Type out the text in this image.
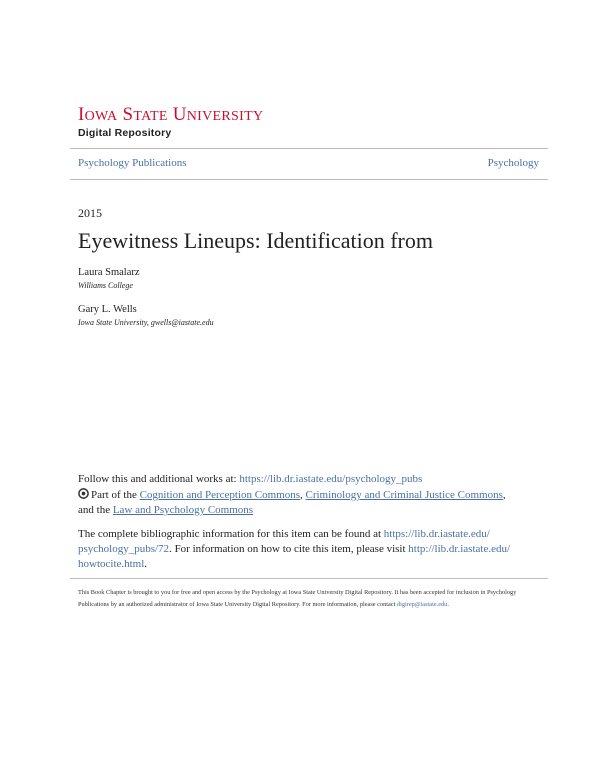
IOWA STATE UNIVERSITY
Digital Repository
Psychology Publications	Psychology
2015
Eyewitness Lineups: Identification from
Laura Smalarz
Williams College
Gary L. Wells
Iowa State University, gwells@iastate.edu
Follow this and additional works at: https://lib.dr.iastate.edu/psychology_pubs
Part of the Cognition and Perception Commons, Criminology and Criminal Justice Commons,
and the Law and Psychology Commons
The complete bibliographic information for this item can be found at https://lib.dr.iastate.edu/
psychology_pubs/72. For information on how to cite this item, please visit http://lib.dr.iastate.edu/
howtocite.html.
This Book Chapter is brought to you for free and open access by the Psychology at Iowa State University Digital Repository. It has been accepted for inclusion in Psychology Publications by an authorized administrator of Iowa State University Digital Repository. For more information, please contact digirep@iastate.edu.
